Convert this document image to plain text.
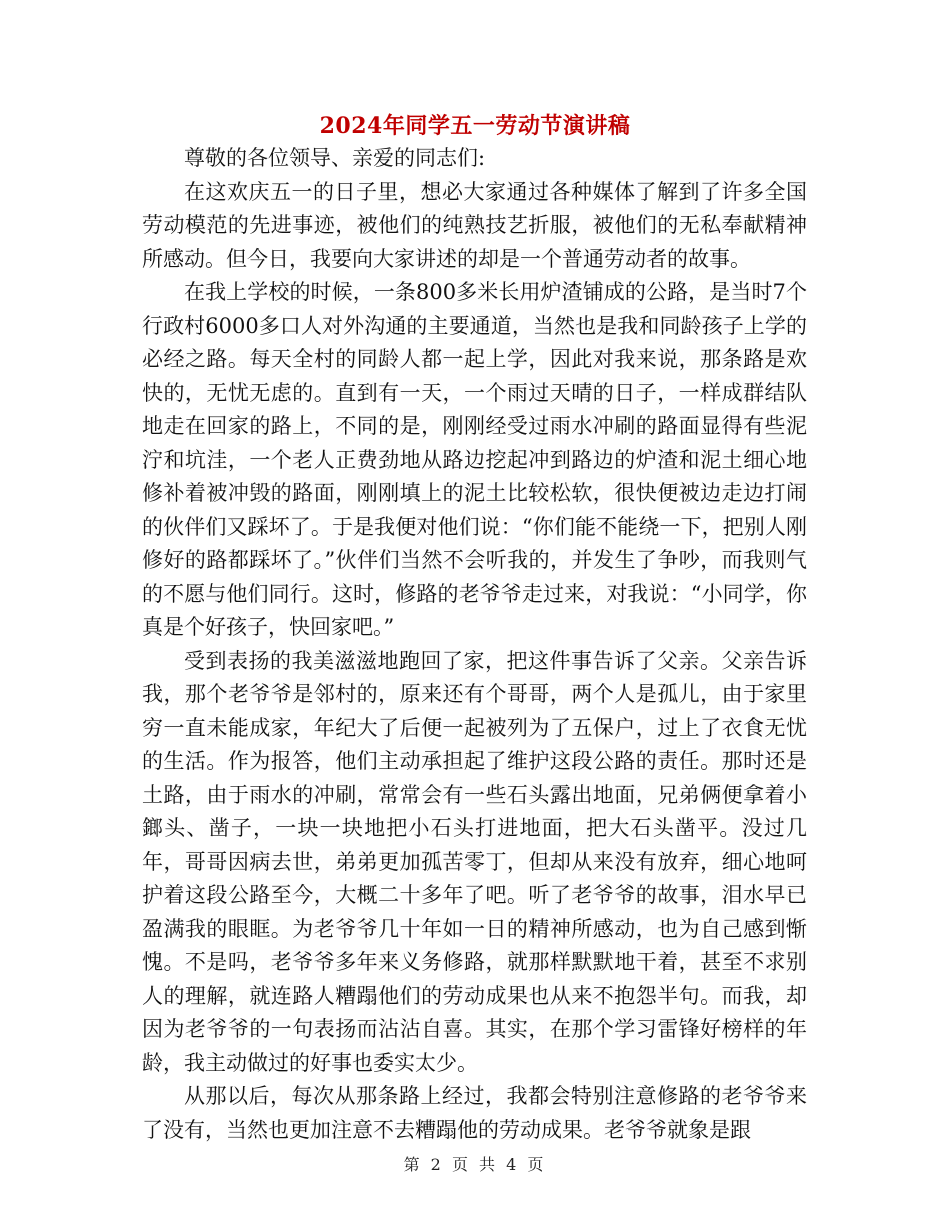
2024年同学五一劳动节演讲稿

尊敬的各位领导、亲爱的同志们:

在这欢庆五一的日子里，想必大家通过各种媒体了解到了许多全国劳动模范的先进事迹，被他们的纯熟技艺折服，被他们的无私奉献精神所感动。但今日，我要向大家讲述的却是一个普通劳动者的故事。

在我上学校的时候，一条800多米长用炉渣铺成的公路，是当时7个行政村6000多口人对外沟通的主要通道，当然也是我和同龄孩子上学的必经之路。每天全村的同龄人都一起上学，因此对我来说，那条路是欢快的，无忧无虑的。直到有一天，一个雨过天晴的日子，一样成群结队地走在回家的路上，不同的是，刚刚经受过雨水冲刷的路面显得有些泥泞和坑洼，一个老人正费劲地从路边挖起冲到路边的炉渣和泥土细心地修补着被冲毁的路面，刚刚填上的泥土比较松软，很快便被边走边打闹的伙伴们又踩坏了。于是我便对他们说：“你们能不能绕一下，把别人刚修好的路都踩坏了。”伙伴们当然不会听我的，并发生了争吵，而我则气的不愿与他们同行。这时，修路的老爷爷走过来，对我说：“小同学，你真是个好孩子，快回家吧。”

受到表扬的我美滋滋地跑回了家，把这件事告诉了父亲。父亲告诉我，那个老爷爷是邻村的，原来还有个哥哥，两个人是孤儿，由于家里穷一直未能成家，年纪大了后便一起被列为了五保户，过上了衣食无忧的生活。作为报答，他们主动承担起了维护这段公路的责任。那时还是土路，由于雨水的冲刷，常常会有一些石头露出地面，兄弟俩便拿着小鎯头、凿子，一块一块地把小石头打进地面，把大石头凿平。没过几年，哥哥因病去世，弟弟更加孤苦零丁，但却从来没有放弃，细心地呵护着这段公路至今，大概二十多年了吧。听了老爷爷的故事，泪水早已盈满我的眼眶。为老爷爷几十年如一日的精神所感动，也为自己感到惭愧。不是吗，老爷爷多年来义务修路，就那样默默地干着，甚至不求别人的理解，就连路人糟蹋他们的劳动成果也从来不抱怨半句。而我，却因为老爷爷的一句表扬而沾沾自喜。其实，在那个学习雷锋好榜样的年龄，我主动做过的好事也委实太少。

从那以后，每次从那条路上经过，我都会特别注意修路的老爷爷来了没有，当然也更加注意不去糟蹋他的劳动成果。老爷爷就象是跟

第 2 页 共 4 页
